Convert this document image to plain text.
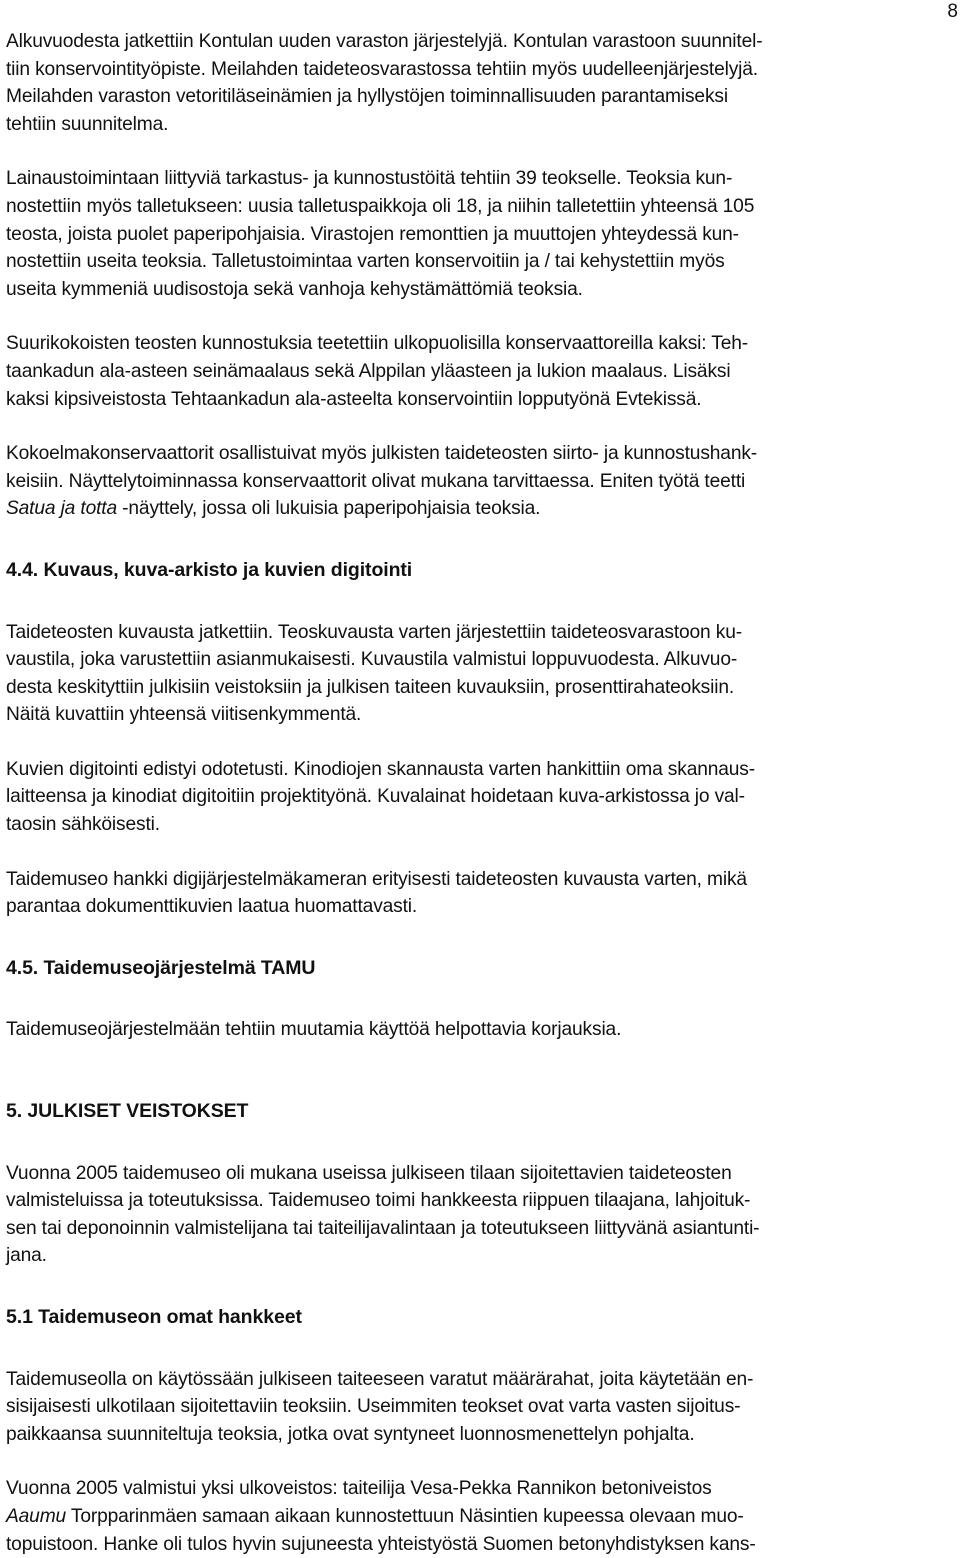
8

Alkuvuodesta jatkettiin Kontulan uuden varaston järjestelyjä. Kontulan varastoon suunnitel-
tiin konservointityöpiste. Meilahden taideteosvarastossa tehtiin myös uudelleenjärjestelyjä.
Meilahden varaston vetoritiläseinämien ja hyllystöjen toiminnallisuuden parantamiseksi
tehtiin suunnitelma.

Lainaustoimintaan liittyviä tarkastus- ja kunnostustöitä tehtiin 39 teokselle. Teoksia kun-
nostettiin myös talletukseen: uusia talletuspaikkoja oli 18, ja niihin talletettiin yhteensä 105
teosta, joista puolet paperipohjaisia. Virastojen remonttien ja muuttojen yhteydessä kun-
nostettiin useita teoksia. Talletustoimintaa varten konservoitiin ja / tai kehystettiin myös
useita kymmeniä uudisostoja sekä vanhoja kehystämättömiä teoksia.

Suurikokoisten teosten kunnostuksia teetettiin ulkopuolisilla konservaattoreilla kaksi: Teh-
taankadun ala-asteen seinämaalaus sekä Alppilan yläasteen ja lukion maalaus. Lisäksi
kaksi kipsiveistosta Tehtaankadun ala-asteelta konservointiin lopputyönä Evtekissä.

Kokoelmakonservaattorit osallistuivat myös julkisten taideteosten siirto- ja kunnostushank-
keisiin. Näyttelytoiminnassa konservaattorit olivat mukana tarvittaessa. Eniten työtä teetti
Satua ja totta -näyttely, jossa oli lukuisia paperipohjaisia teoksia.

4.4. Kuvaus, kuva-arkisto ja kuvien digitointi

Taideteosten kuvausta jatkettiin. Teoskuvausta varten järjestettiin taideteosvarastoon ku-
vaustila, joka varustettiin asianmukaisesti. Kuvaustila valmistui loppuvuodesta. Alkuvuo-
desta keskityttiin julkisiin veistoksiin ja julkisen taiteen kuvauksiin, prosenttirahateoksiin.
Näitä kuvattiin yhteensä viitisenkymmentä.

Kuvien digitointi edistyi odotetusti. Kinodiojen skannausta varten hankittiin oma skannaus-
laitteensa ja kinodiat digitoitiin projektityönä. Kuvalainat hoidetaan kuva-arkistossa jo val-
taosin sähköisesti.

Taidemuseo hankki digijärjestelmäkameran erityisesti taideteosten kuvausta varten, mikä
parantaa dokumenttikuvien laatua huomattavasti.

4.5. Taidemuseojärjestelmä TAMU

Taidemuseojärjestelmään tehtiin muutamia käyttöä helpottavia korjauksia.

5. JULKISET VEISTOKSET

Vuonna 2005 taidemuseo oli mukana useissa julkiseen tilaan sijoitettavien taideteosten
valmisteluissa ja toteutuksissa. Taidemuseo toimi hankkeesta riippuen tilaajana, lahjoituk-
sen tai deponoinnin valmistelijana tai taiteilijavalintaan ja toteutukseen liittyvänä asiantunti-
jana.

5.1 Taidemuseon omat hankkeet

Taidemuseolla on käytössään julkiseen taiteeseen varatut määrärahat, joita käytetään en-
sisijaisesti ulkotilaan sijoitettaviin teoksiin. Useimmiten teokset ovat varta vasten sijoitus-
paikkaansa suunniteltuja teoksia, jotka ovat syntyneet luonnosmenettelyn pohjalta.

Vuonna 2005 valmistui yksi ulkoveistos: taiteilija Vesa-Pekka Rannikon betoniveistos
Aaumu Torpparinmäen samaan aikaan kunnostettuun Näsintien kupeessa olevaan muo-
topuistoon. Hanke oli tulos hyvin sujuneesta yhteistyöstä Suomen betonyhdistyksen kans-
